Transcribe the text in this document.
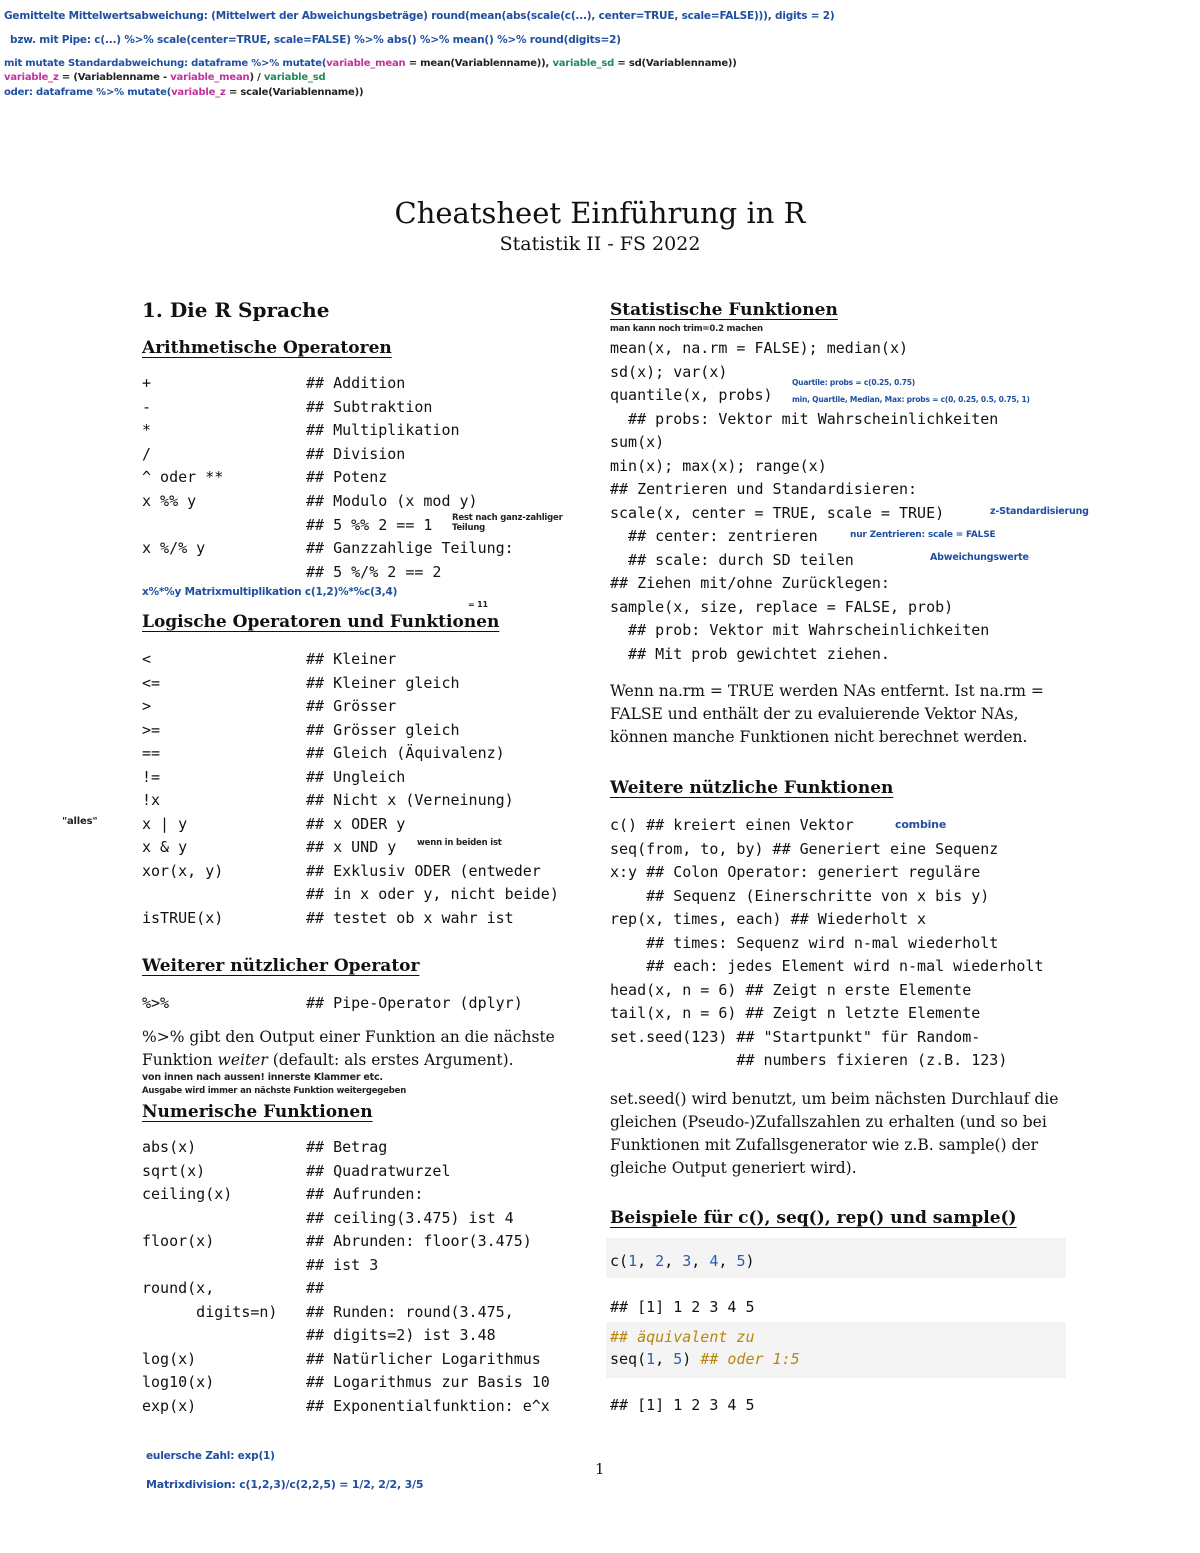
Gemittelte Mittelwertsabweichung: (Mittelwert der Abweichungsbeträge) round(mean(abs(scale(c(...), center=TRUE, scale=FALSE))), digits = 2)
bzw. mit Pipe: c(...) %>% scale(center=TRUE, scale=FALSE) %>% abs() %>% mean() %>% round(digits=2)
mit mutate Standardabweichung: dataframe %>% mutate(variable_mean = mean(Variablenname)), variable_sd = sd(Variablenname))
variable_z = (Variablenname - variable_mean) / variable_sd
oder: dataframe %>% mutate(variable_z = scale(Variablenname))
Cheatsheet Einführung in R
Statistik II - FS 2022
1. Die R Sprache
Arithmetische Operatoren
+	## Addition
-	## Subtraktion
*	## Multiplikation
/	## Division
^ oder **	## Potenz
x %% y	## Modulo (x mod y)
## 5 %% 2 == 1
x %/% y	## Ganzzahlige Teilung:
## 5 %/% 2 == 2
Rest nach ganz-zahliger Teilung
x%*%y Matrixmultiplikation c(1,2)%*%c(3,4)
= 11
Logische Operatoren und Funktionen
<	## Kleiner
<=	## Kleiner gleich
>	## Grösser
>=	## Grösser gleich
==	## Gleich (Äquivalenz)
!=	## Ungleich
!x	## Nicht x (Verneinung)
x | y	## x ODER y
x & y	## x UND y
xor(x, y)	## Exklusiv ODER (entweder
## in x oder y, nicht beide)
isTRUE(x)	## testet ob x wahr ist
"alles"
wenn in beiden ist
Weiterer nützlicher Operator
%>%	## Pipe-Operator (dplyr)
%>% gibt den Output einer Funktion an die nächste Funktion weiter (default: als erstes Argument).
von innen nach aussen! innerste Klammer etc.
Ausgabe wird immer an nächste Funktion weitergegeben
Numerische Funktionen
abs(x)	## Betrag
sqrt(x)	## Quadratwurzel
ceiling(x)	## Aufrunden:
## ceiling(3.475) ist 4
floor(x)	## Abrunden: floor(3.475)
## ist 3
round(x,	##
digits=n) ## Runden: round(3.475,
## digits=2) ist 3.48
log(x)	## Natürlicher Logarithmus
log10(x)	## Logarithmus zur Basis 10
exp(x)	## Exponentialfunktion: e^x
eulersche Zahl: exp(1)
Matrixdivision: c(1,2,3)/c(2,2,5) = 1/2, 2/2, 3/5
Statistische Funktionen
man kann noch trim=0.2 machen
mean(x, na.rm = FALSE); median(x)
sd(x); var(x)
quantile(x, probs)
## probs: Vektor mit Wahrscheinlichkeiten
sum(x)
min(x); max(x); range(x)
## Zentrieren und Standardisieren:
scale(x, center = TRUE, scale = TRUE)
## center: zentrieren
## scale: durch SD teilen
## Ziehen mit/ohne Zurücklegen:
sample(x, size, replace = FALSE, prob)
## prob: Vektor mit Wahrscheinlichkeiten
## Mit prob gewichtet ziehen.
Quartile: probs = c(0.25, 0.75)
min, Quartile, Median, Max: probs = c(0, 0.25, 0.5, 0.75, 1)
z-Standardisierung
nur Zentrieren: scale = FALSE
Abweichungswerte
Wenn na.rm = TRUE werden NAs entfernt. Ist na.rm = FALSE und enthält der zu evaluierende Vektor NAs, können manche Funktionen nicht berechnet werden.
Weitere nützliche Funktionen
c() ## kreiert einen Vektor
seq(from, to, by) ## Generiert eine Sequenz
x:y ## Colon Operator: generiert reguläre
## Sequenz (Einerschritte von x bis y)
rep(x, times, each) ## Wiederholt x
## times: Sequenz wird n-mal wiederholt
## each: jedes Element wird n-mal wiederholt
head(x, n = 6) ## Zeigt n erste Elemente
tail(x, n = 6) ## Zeigt n letzte Elemente
set.seed(123) ## "Startpunkt" für Random-
## numbers fixieren (z.B. 123)
combine
set.seed() wird benutzt, um beim nächsten Durchlauf die gleichen (Pseudo-)Zufallszahlen zu erhalten (und so bei Funktionen mit Zufallsgenerator wie z.B. sample() der gleiche Output generiert wird).
Beispiele für c(), seq(), rep() und sample()
c(1, 2, 3, 4, 5)
## [1] 1 2 3 4 5
## äquivalent zu
seq(1, 5) ## oder 1:5
## [1] 1 2 3 4 5
1
